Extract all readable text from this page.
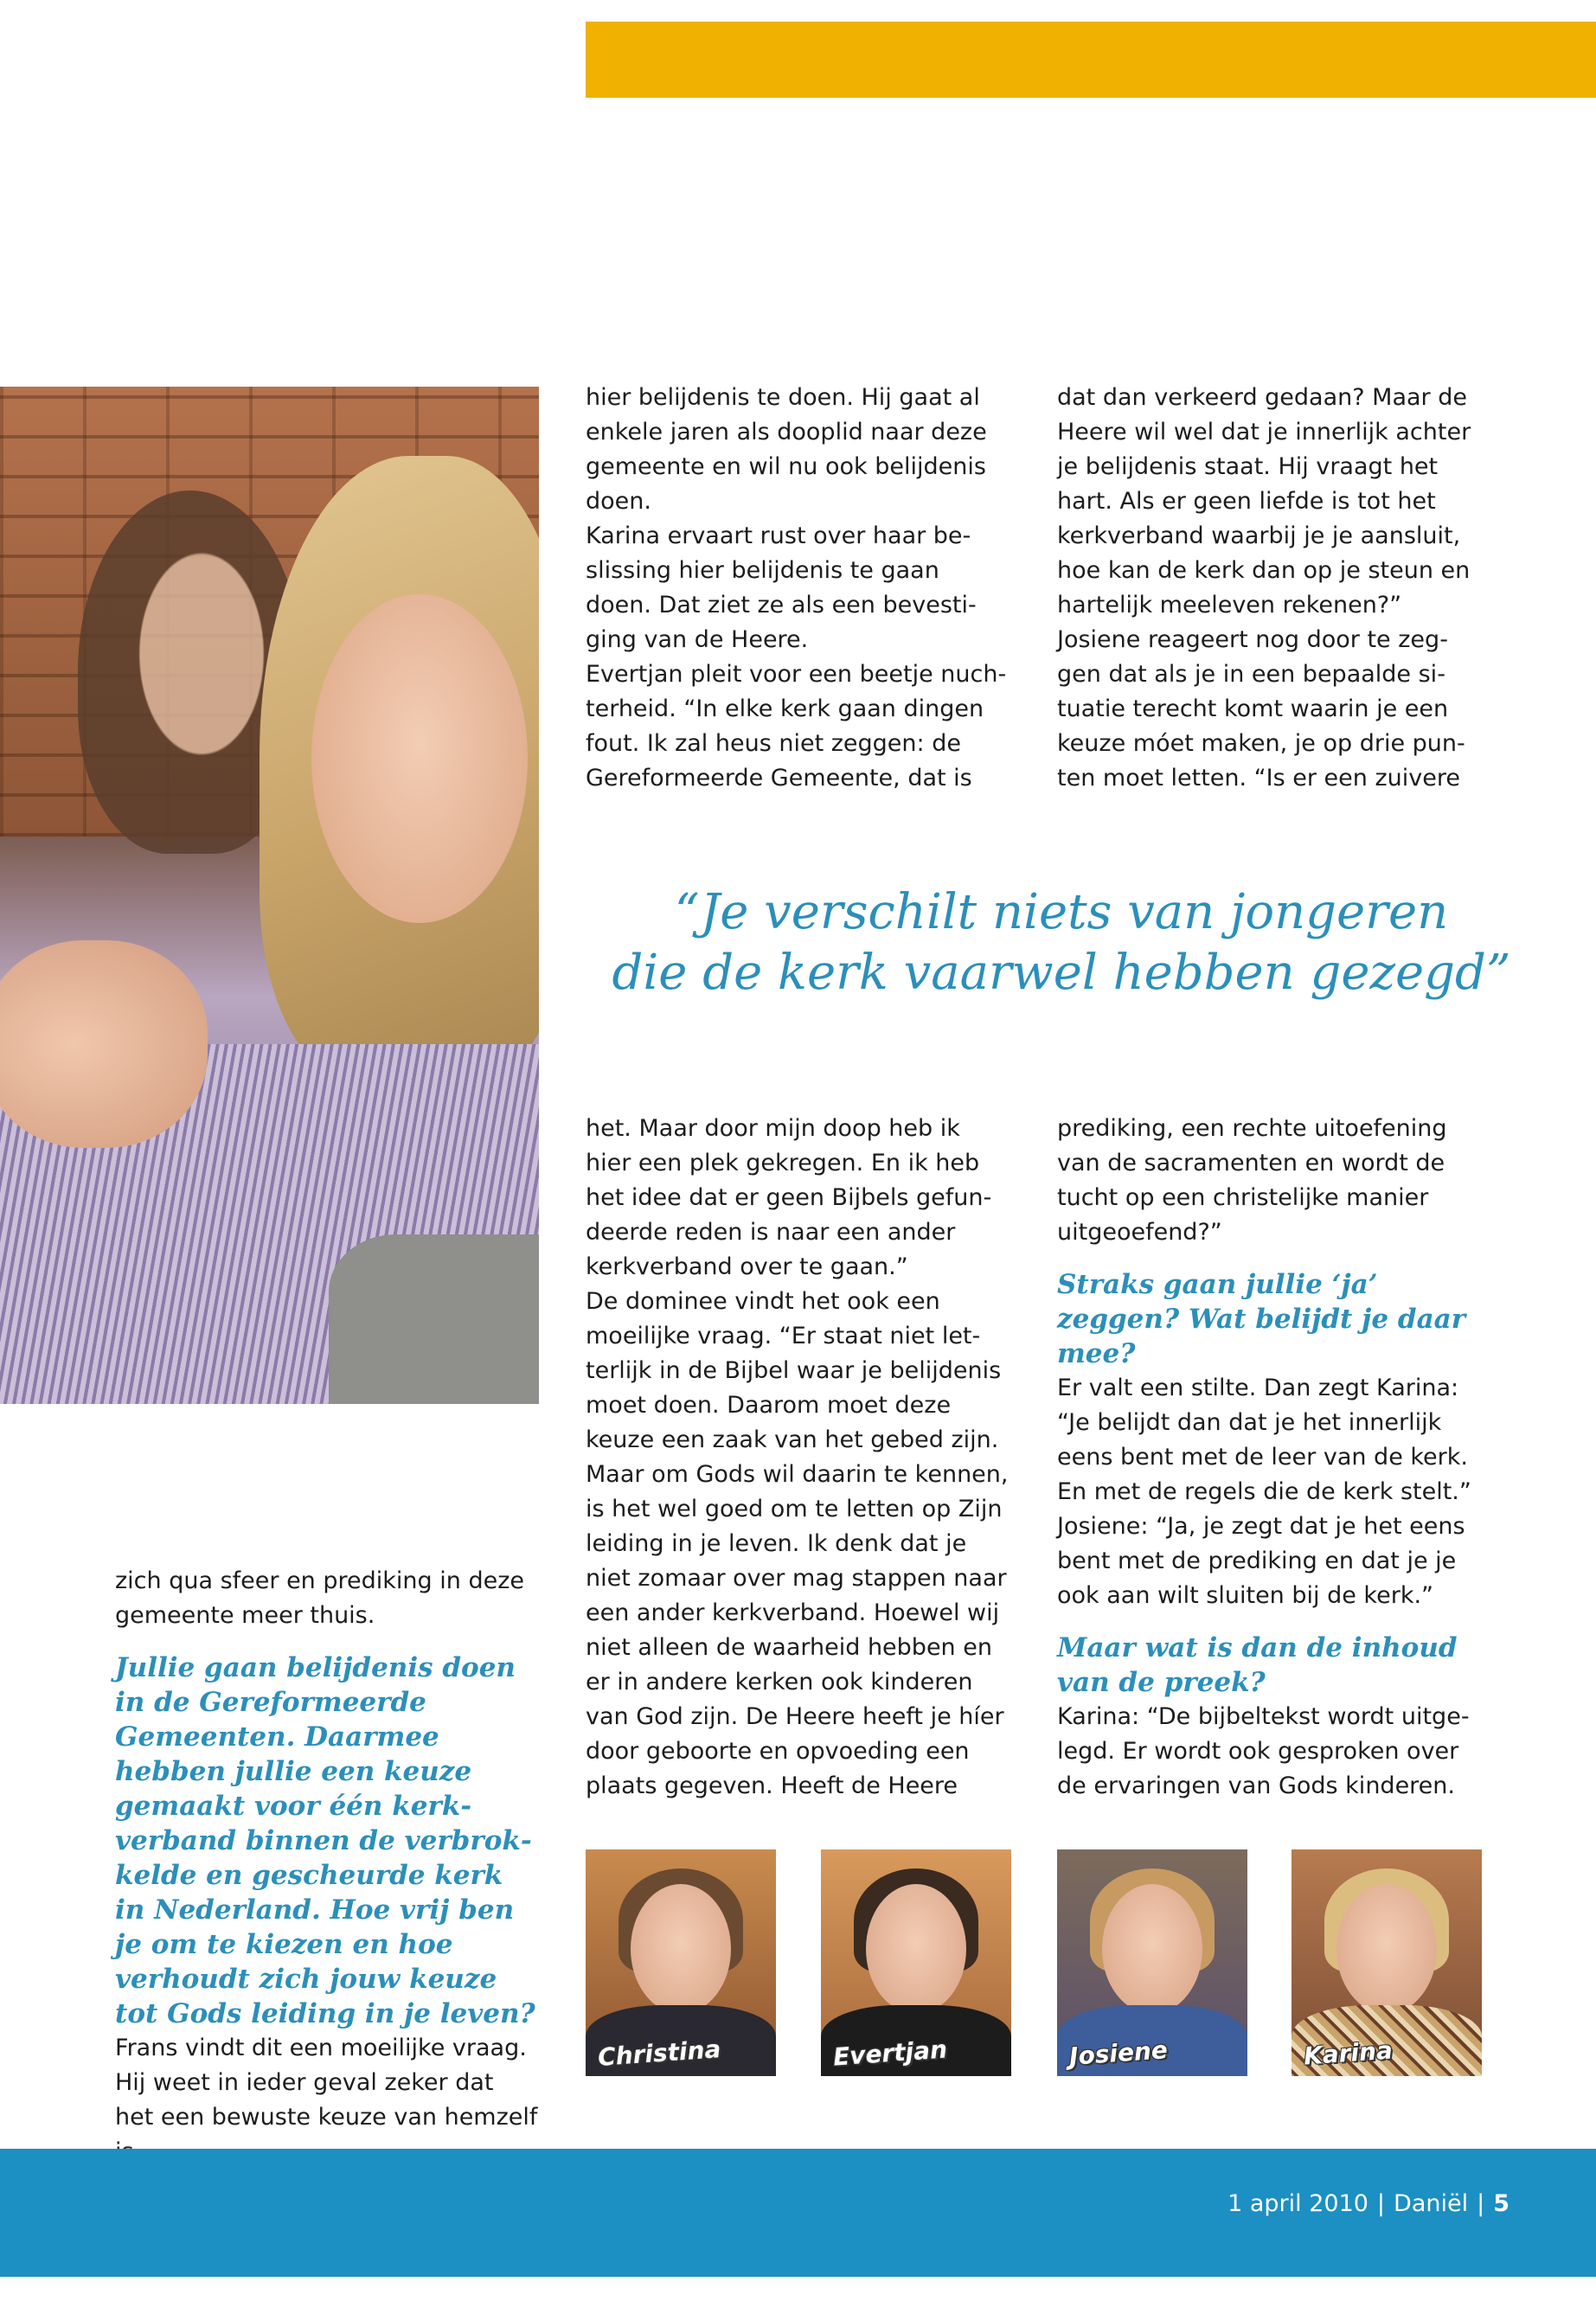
hier belijdenis te doen. Hij gaat al enkele jaren als dooplid naar deze gemeente en wil nu ook belijdenis doen.

Karina ervaart rust over haar beslissing hier belijdenis te gaan doen. Dat ziet ze als een bevestiging van de Heere.

Evertjan pleit voor een beetje nuchterheid. “In elke kerk gaan dingen fout. Ik zal heus niet zeggen: de Gereformeerde Gemeente, dat is

dat dan verkeerd gedaan? Maar de Heere wil wel dat je innerlijk achter je belijdenis staat. Hij vraagt het hart. Als er geen liefde is tot het kerkverband waarbij je je aansluit, hoe kan de kerk dan op je steun en hartelijk meeleven rekenen?”

Josiene reageert nog door te zeggen dat als je in een bepaalde situatie terecht komt waarin je een keuze móet maken, je op drie punten moet letten. “Is er een zuivere

“Je verschilt niets van jongeren
die de kerk vaarwel hebben gezegd”

het. Maar door mijn doop heb ik hier een plek gekregen. En ik heb het idee dat er geen Bijbels gefundeerde reden is naar een ander kerkverband over te gaan.”

De dominee vindt het ook een moeilijke vraag. “Er staat niet letterlijk in de Bijbel waar je belijdenis moet doen. Daarom moet deze keuze een zaak van het gebed zijn. Maar om Gods wil daarin te kennen, is het wel goed om te letten op Zijn leiding in je leven. Ik denk dat je niet zomaar over mag stappen naar een ander kerkverband. Hoewel wij niet alleen de waarheid hebben en er in andere kerken ook kinderen van God zijn. De Heere heeft je híer door geboorte en opvoeding een plaats gegeven. Heeft de Heere

prediking, een rechte uitoefening van de sacramenten en wordt de tucht op een christelijke manier uitgeoefend?”

Straks gaan jullie ‘ja’ zeggen? Wat belijdt je daar mee?

Er valt een stilte. Dan zegt Karina: “Je belijdt dan dat je het innerlijk eens bent met de leer van de kerk. En met de regels die de kerk stelt.” Josiene: “Ja, je zegt dat je het eens bent met de prediking en dat je je ook aan wilt sluiten bij de kerk.”

Maar wat is dan de inhoud van de preek?

Karina: “De bijbeltekst wordt uitgelegd. Er wordt ook gesproken over de ervaringen van Gods kinderen.

zich qua sfeer en prediking in deze gemeente meer thuis.

Jullie gaan belijdenis doen in de Gereformeerde Gemeenten. Daarmee hebben jullie een keuze gemaakt voor één kerkverband binnen de verbrokkelde en gescheurde kerk in Nederland. Hoe vrij ben je om te kiezen en hoe verhoudt zich jouw keuze tot Gods leiding in je leven?

Frans vindt dit een moeilijke vraag. Hij weet in ieder geval zeker dat het een bewuste keuze van hemzelf

Christina	Evertjan	Josiene	Karina
1 april 2010 | Daniël | 5
